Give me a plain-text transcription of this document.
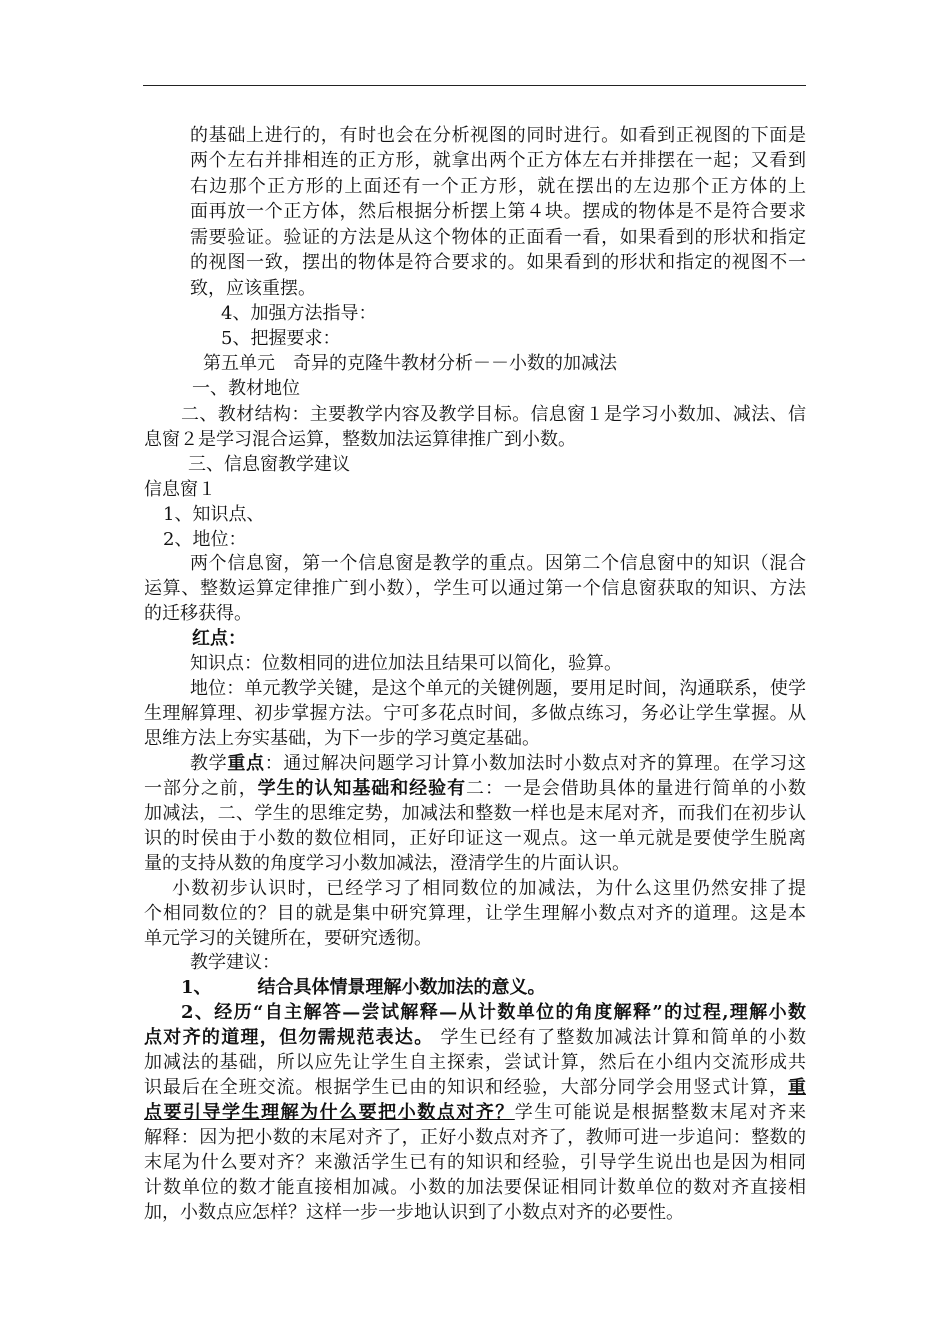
的基础上进行的，有时也会在分析视图的同时进行。如看到正视图的下面是
两个左右并排相连的正方形，就拿出两个正方体左右并排摆在一起；又看到
右边那个正方形的上面还有一个正方形，就在摆出的左边那个正方体的上
面再放一个正方体，然后根据分析摆上第４块。摆成的物体是不是符合要求
需要验证。验证的方法是从这个物体的正面看一看，如果看到的形状和指定
的视图一致，摆出的物体是符合要求的。如果看到的形状和指定的视图不一
致，应该重摆。
4、加强方法指导：
5、把握要求：
第五单元　奇异的克隆牛教材分析－－小数的加减法
一、教材地位
二、教材结构：主要教学内容及教学目标。信息窗１是学习小数加、减法、信
息窗２是学习混合运算，整数加法运算律推广到小数。
三、信息窗教学建议
信息窗１
1、知识点、
2、地位：
两个信息窗，第一个信息窗是教学的重点。因第二个信息窗中的知识（混合
运算、整数运算定律推广到小数），学生可以通过第一个信息窗获取的知识、方法
的迁移获得。
红点：
知识点：位数相同的进位加法且结果可以简化，验算。
地位：单元教学关键，是这个单元的关键例题，要用足时间，沟通联系，使学
生理解算理、初步掌握方法。宁可多花点时间，多做点练习，务必让学生掌握。从
思维方法上夯实基础，为下一步的学习奠定基础。
教学重点：通过解决问题学习计算小数加法时小数点对齐的算理。在学习这
一部分之前，学生的认知基础和经验有二：一是会借助具体的量进行简单的小数
加减法，二、学生的思维定势，加减法和整数一样也是末尾对齐，而我们在初步认
识的时侯由于小数的数位相同，正好印证这一观点。这一单元就是要使学生脱离
量的支持从数的角度学习小数加减法，澄清学生的片面认识。
小数初步认识时，已经学习了相同数位的加减法，为什么这里仍然安排了提
个相同数位的？目的就是集中研究算理，让学生理解小数点对齐的道理。这是本
单元学习的关键所在，要研究透彻。
教学建议：
1、	结合具体情景理解小数加法的意义。
2、经历“自主解答—尝试解释—从计数单位的角度解释”的过程,理解小数
点对齐的道理，但勿需规范表达。 学生已经有了整数加减法计算和简单的小数
加减法的基础，所以应先让学生自主探索，尝试计算，然后在小组内交流形成共
识最后在全班交流。根据学生已由的知识和经验，大部分同学会用竖式计算，重
点要引导学生理解为什么要把小数点对齐？学生可能说是根据整数末尾对齐来
解释：因为把小数的末尾对齐了，正好小数点对齐了，教师可进一步追问：整数的
末尾为什么要对齐？来激活学生已有的知识和经验，引导学生说出也是因为相同
计数单位的数才能直接相加减。小数的加法要保证相同计数单位的数对齐直接相
加，小数点应怎样？这样一步一步地认识到了小数点对齐的必要性。
